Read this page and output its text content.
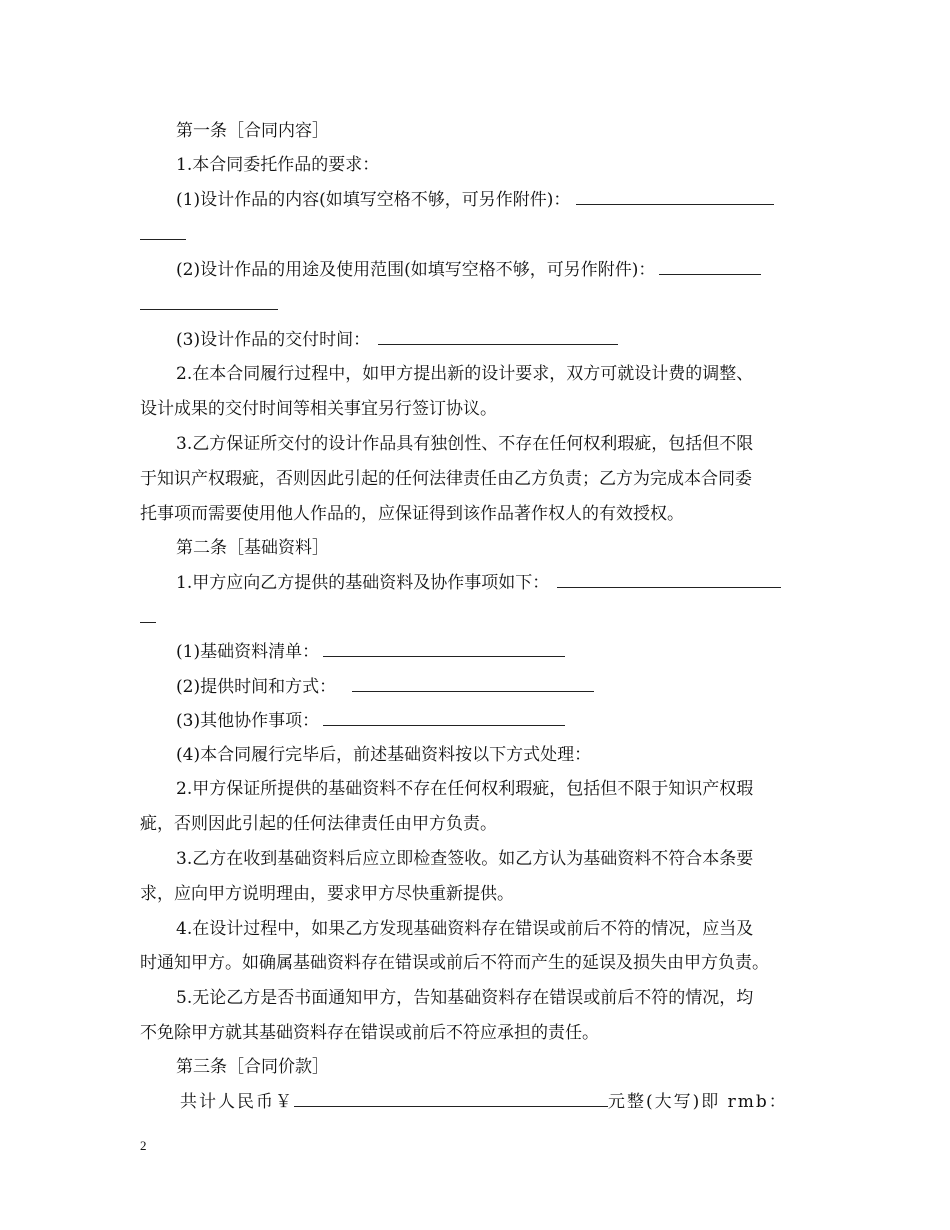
第一条［合同内容］
1.本合同委托作品的要求：
(1)设计作品的内容(如填写空格不够，可另作附件)：
(2)设计作品的用途及使用范围(如填写空格不够，可另作附件)：
(3)设计作品的交付时间：
2.在本合同履行过程中，如甲方提出新的设计要求，双方可就设计费的调整、
设计成果的交付时间等相关事宜另行签订协议。
3.乙方保证所交付的设计作品具有独创性、不存在任何权利瑕疵，包括但不限
于知识产权瑕疵，否则因此引起的任何法律责任由乙方负责；乙方为完成本合同委
托事项而需要使用他人作品的，应保证得到该作品著作权人的有效授权。
第二条［基础资料］
1.甲方应向乙方提供的基础资料及协作事项如下：
(1)基础资料清单：
(2)提供时间和方式：
(3)其他协作事项：
(4)本合同履行完毕后，前述基础资料按以下方式处理：
2.甲方保证所提供的基础资料不存在任何权利瑕疵，包括但不限于知识产权瑕
疵，否则因此引起的任何法律责任由甲方负责。
3.乙方在收到基础资料后应立即检查签收。如乙方认为基础资料不符合本条要
求，应向甲方说明理由，要求甲方尽快重新提供。
4.在设计过程中，如果乙方发现基础资料存在错误或前后不符的情况，应当及
时通知甲方。如确属基础资料存在错误或前后不符而产生的延误及损失由甲方负责。
5.无论乙方是否书面通知甲方，告知基础资料存在错误或前后不符的情况，均
不免除甲方就其基础资料存在错误或前后不符应承担的责任。
第三条［合同价款］
共计人民币￥	元整(大写)即 rmb：
2
